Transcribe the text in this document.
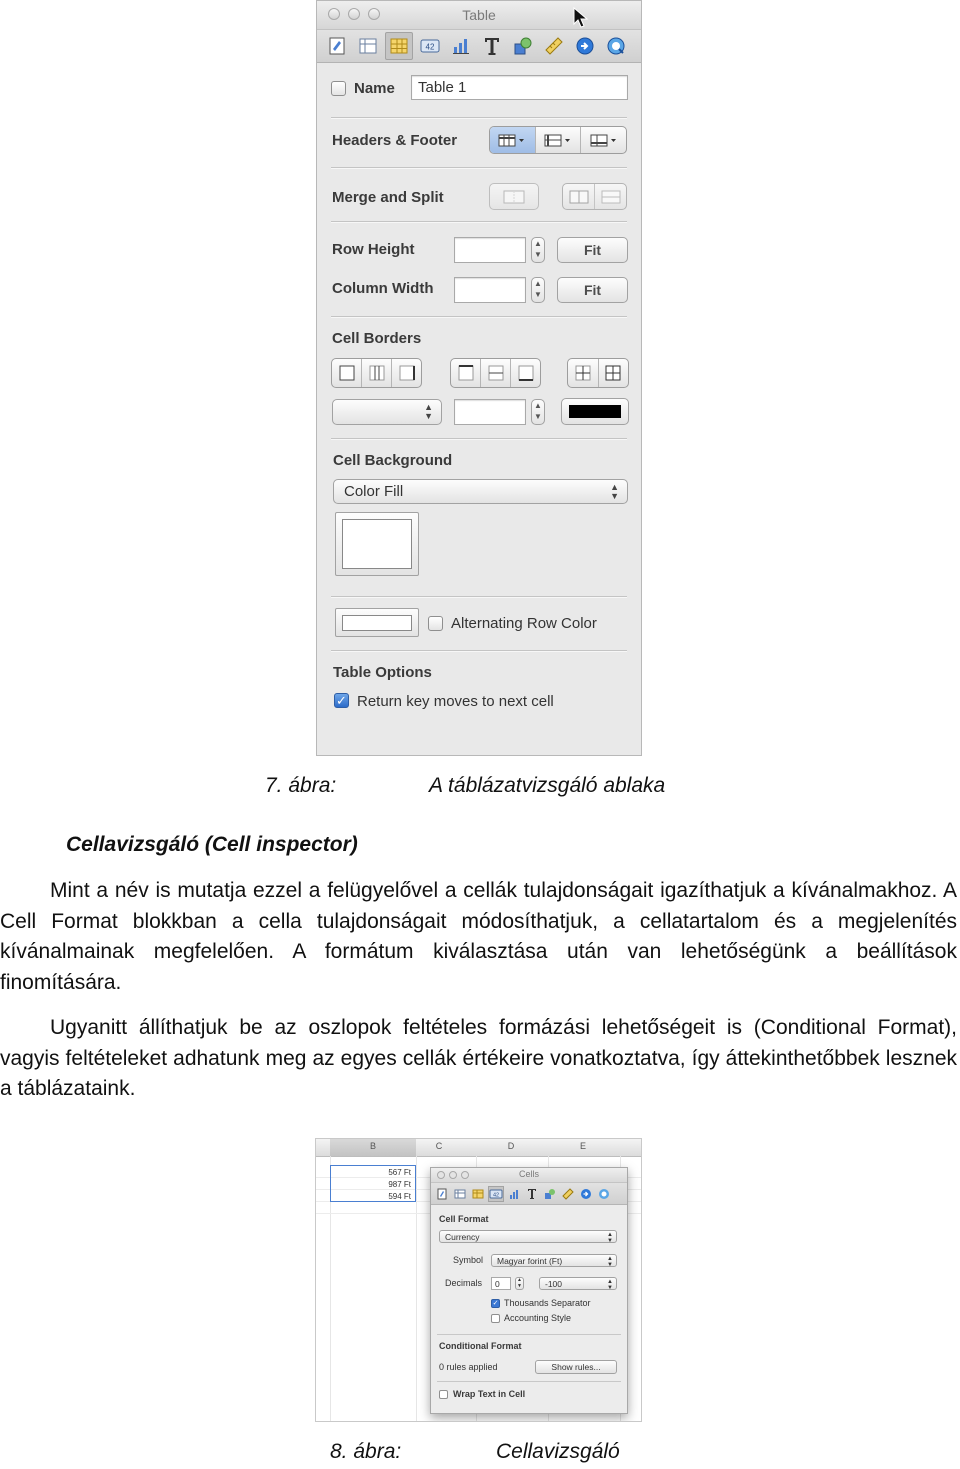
Table
42
Name	Table 1
Headers & Footer
Merge and Split
Row Height	▲
▼	Fit
Column Width	▲
▼	Fit
Cell Borders
▲
▼
▲
▼
Cell Background
Color Fill	▲
▼
Alternating Row Color
Table Options
✓ Return key moves to next cell
7. ábra:	A táblázatvizsgáló ablaka
Cellavizsgáló (Cell inspector)
Mint a név is mutatja ezzel a felügyelővel a cellák tulajdonságait igazíthatjuk a kívánalmakhoz. A Cell Format blokkban a cella tulajdonságait módosíthatjuk, a cellatartalom és a megjelenítés kívánalmainak megfelelően. A formátum kiválasztása után van lehetőségünk a beállítások finomítására.
Ugyanitt állíthatjuk be az oszlopok feltételes formázási lehetőségeit is (Conditional Format), vagyis feltételeket adhatunk meg az egyes cellák értékeire vonatkoztatva, így áttekinthetőbbek lesznek a táblázataink.
B	C	D	E
567 Ft
987 Ft
594 Ft
Cells
42
Cell Format
Currency	▲
▼
Symbol	Magyar forint (Ft)	▲
▼
Decimals	0	▲
▼	-100	▲
▼
✓ Thousands Separator
Accounting Style
Conditional Format
0 rules applied	Show rules...
Wrap Text in Cell
8. ábra:	Cellavizsgáló
